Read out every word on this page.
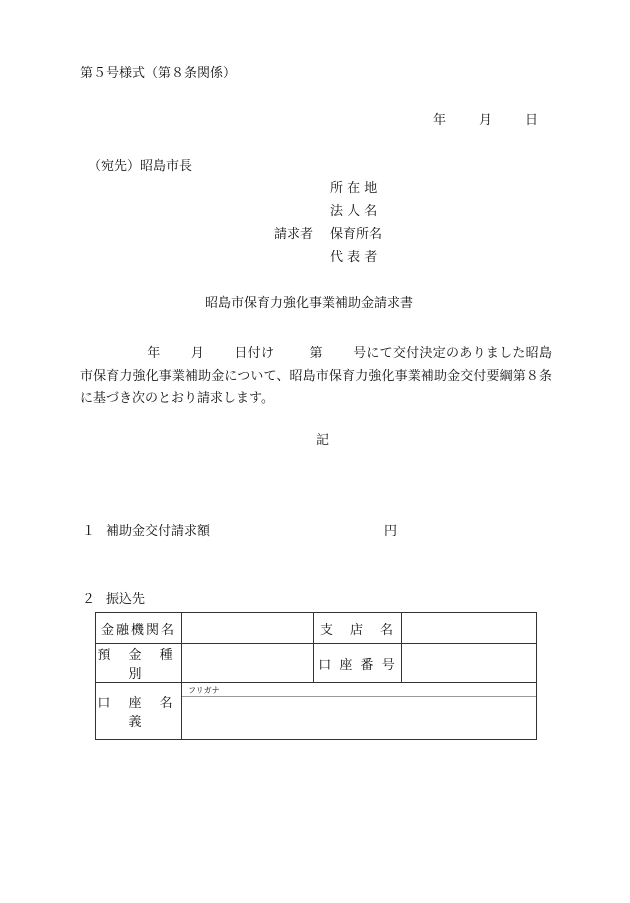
第５号様式（第８条関係）
年	月	日
（宛先）昭島市長
所 在 地
法 人 名
請求者 保育所名
代 表 者
昭島市保育力強化事業補助金請求書
年 月 日付け	第 号にて交付決定のありました昭島市保育力強化事業補助金について、昭島市保育力強化事業補助金交付要綱第８条に基づき次のとおり請求します。
記
１ 補助金交付請求額	円
２ 振込先
金融機関名		支　店　名	
預 金 種 別		口 座 番 号	
口 座 名 義	フリガナ		
